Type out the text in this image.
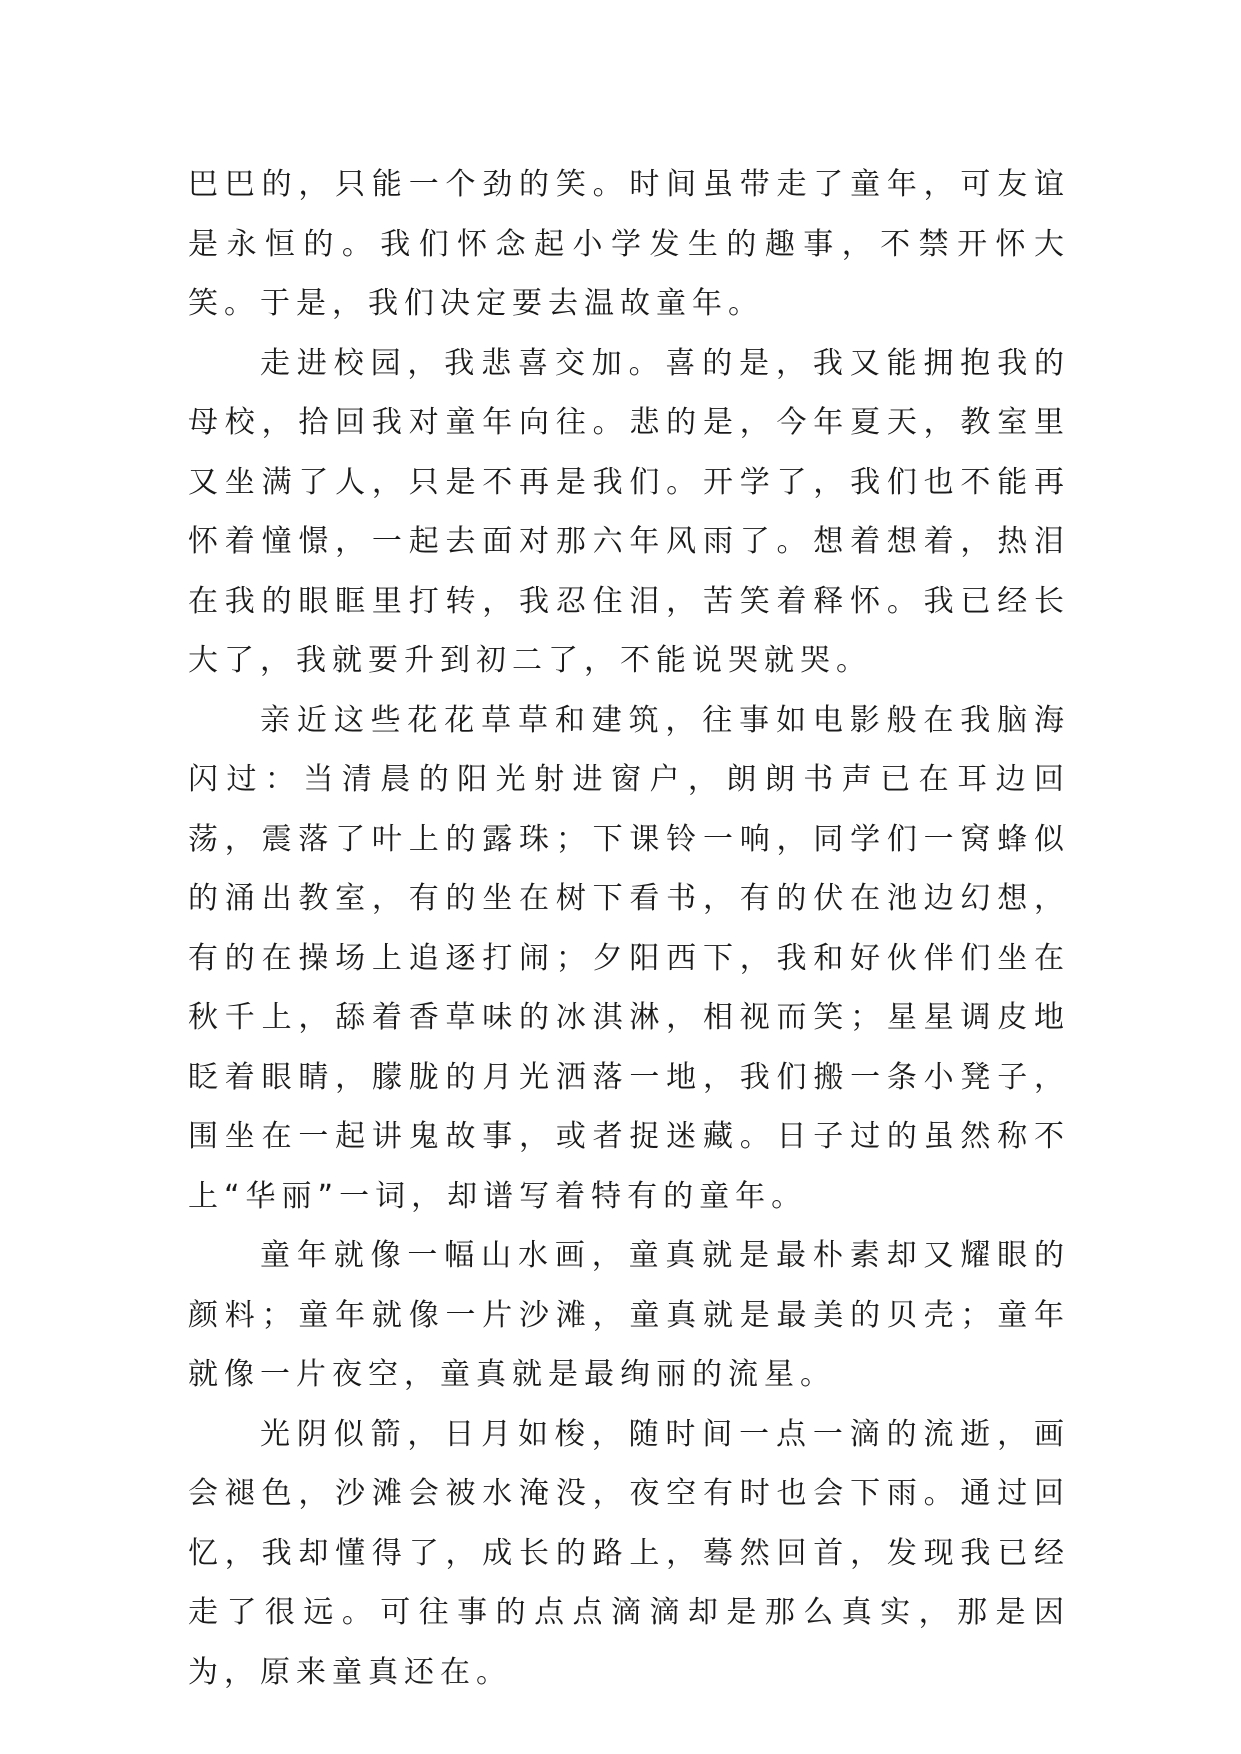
巴巴的，只能一个劲的笑。时间虽带走了童年，可友谊是永恒的。我们怀念起小学发生的趣事，不禁开怀大笑。于是，我们决定要去温故童年。

走进校园，我悲喜交加。喜的是，我又能拥抱我的母校，拾回我对童年向往。悲的是，今年夏天，教室里又坐满了人，只是不再是我们。开学了，我们也不能再怀着憧憬，一起去面对那六年风雨了。想着想着，热泪在我的眼眶里打转，我忍住泪，苦笑着释怀。我已经长大了，我就要升到初二了，不能说哭就哭。

亲近这些花花草草和建筑，往事如电影般在我脑海闪过：当清晨的阳光射进窗户，朗朗书声已在耳边回荡，震落了叶上的露珠；下课铃一响，同学们一窝蜂似的涌出教室，有的坐在树下看书，有的伏在池边幻想，有的在操场上追逐打闹；夕阳西下，我和好伙伴们坐在秋千上，舔着香草味的冰淇淋，相视而笑；星星调皮地眨着眼睛，朦胧的月光洒落一地，我们搬一条小凳子，围坐在一起讲鬼故事，或者捉迷藏。日子过的虽然称不上“华丽”一词，却谱写着特有的童年。

童年就像一幅山水画，童真就是最朴素却又耀眼的颜料；童年就像一片沙滩，童真就是最美的贝壳；童年就像一片夜空，童真就是最绚丽的流星。

光阴似箭，日月如梭，随时间一点一滴的流逝，画会褪色，沙滩会被水淹没，夜空有时也会下雨。通过回忆，我却懂得了，成长的路上，蓦然回首，发现我已经走了很远。可往事的点点滴滴却是那么真实，那是因为，原来童真还在。
